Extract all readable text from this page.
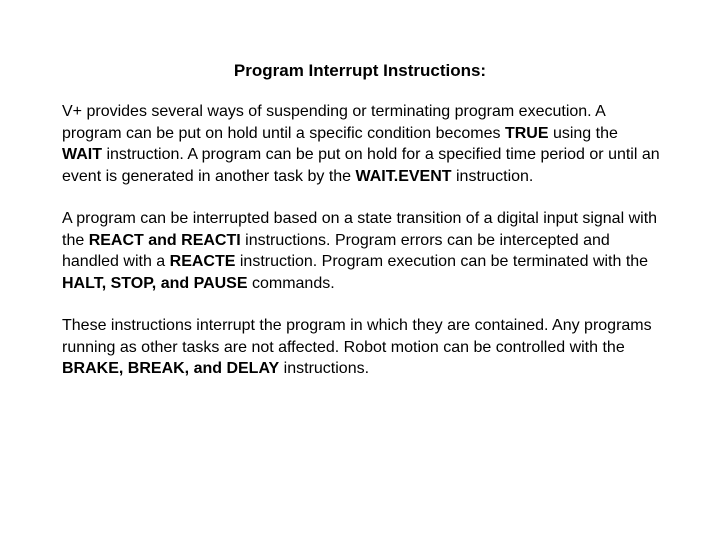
Program Interrupt Instructions:

V+ provides several ways of suspending or terminating program execution. A program can be put on hold until a specific condition becomes TRUE using the WAIT instruction. A program can be put on hold for a specified time period or until an event is generated in another task by the WAIT.EVENT instruction.

A program can be interrupted based on a state transition of a digital input signal with the REACT and REACTI instructions. Program errors can be intercepted and handled with a REACTE instruction. Program execution can be terminated with the HALT, STOP, and PAUSE commands.

These instructions interrupt the program in which they are contained. Any programs running as other tasks are not affected. Robot motion can be controlled with the BRAKE, BREAK, and DELAY instructions.
